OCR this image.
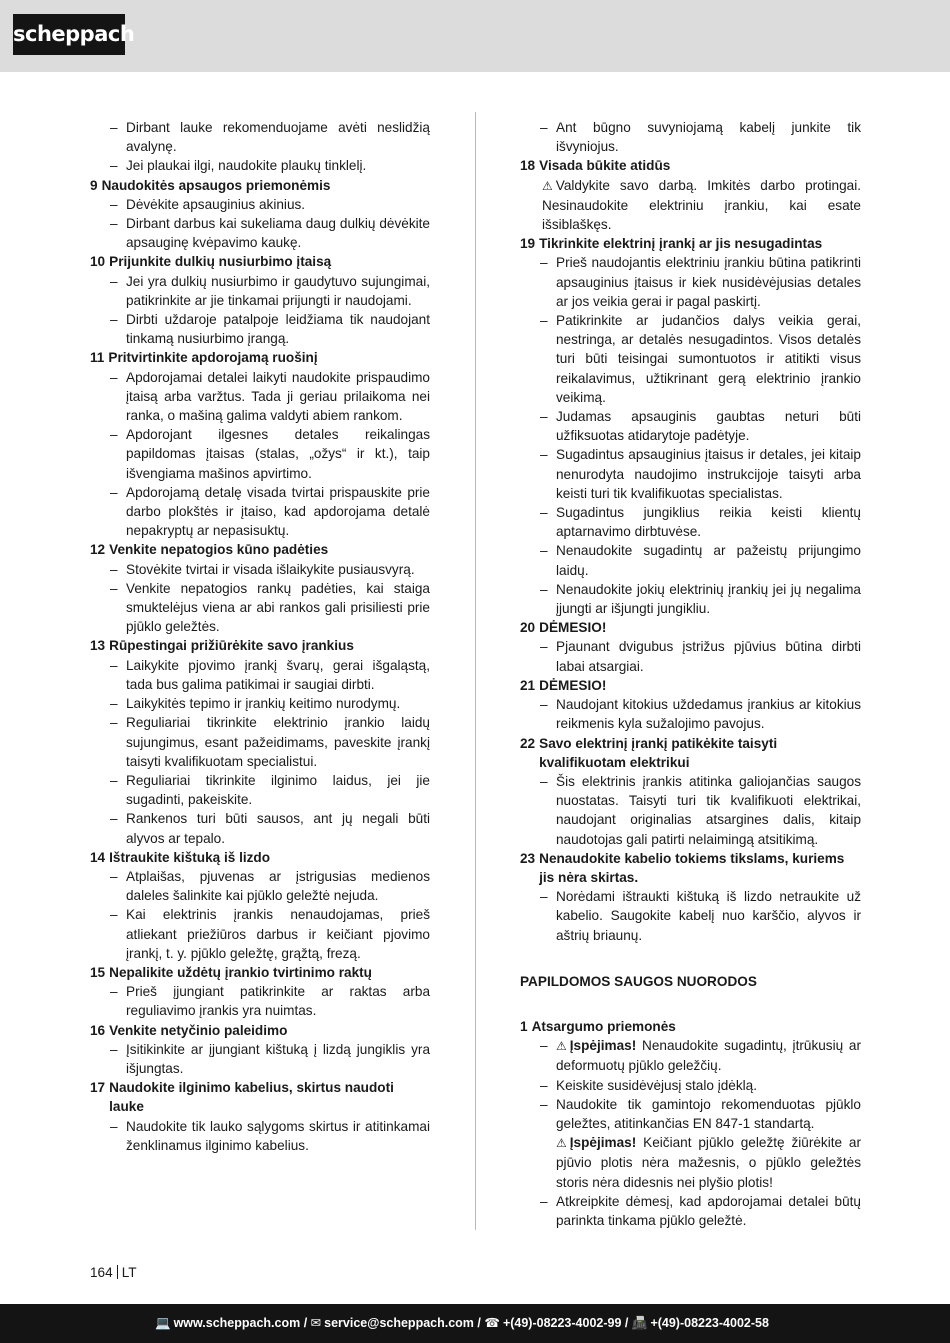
scheppach
– Dirbant lauke rekomenduojame avėti neslidžią avalynę.
– Jei plaukai ilgi, naudokite plaukų tinklelį.
9 Naudokitės apsaugos priemonėmis
– Dėvėkite apsauginius akinius.
– Dirbant darbus kai sukeliama daug dulkių dėvėkite apsauginę kvėpavimo kaukę.
10 Prijunkite dulkių nusiurbimo įtaisą
– Jei yra dulkių nusiurbimo ir gaudytuvo sujungimai, patikrinkite ar jie tinkamai prijungti ir naudojami.
– Dirbti uždaroje patalpoje leidžiama tik naudojant tinkamą nusiurbimo įrangą.
11 Pritvirtinkite apdorojamą ruošinį
– Apdorojamai detalei laikyti naudokite prispaudimo įtaisą arba varžtus. Tada ji geriau prilaikoma nei ranka, o mašiną galima valdyti abiem rankom.
– Apdorojant ilgesnes detales reikalingas papildomas įtaisas (stalas, „ožys“ ir kt.), taip išvengiama mašinos apvirtimo.
– Apdorojamą detalę visada tvirtai prispauskite prie darbo plokštės ir įtaiso, kad apdorojama detalė nepakryptų ar nepasisuktų.
12 Venkite nepatogios kūno padėties
– Stovėkite tvirtai ir visada išlaikykite pusiausvyrą.
– Venkite nepatogios rankų padėties, kai staiga smuktelėjus viena ar abi rankos gali prisiliesti prie pjūklo geležtės.
13 Rūpestingai prižiūrėkite savo įrankius
– Laikykite pjovimo įrankį švarų, gerai išgaląstą, tada bus galima patikimai ir saugiai dirbti.
– Laikykitės tepimo ir įrankių keitimo nurodymų.
– Reguliariai tikrinkite elektrinio įrankio laidų sujungimus, esant pažeidimams, paveskite įrankį taisyti kvalifikuotam specialistui.
– Reguliariai tikrinkite ilginimo laidus, jei jie sugadinti, pakeiskite.
– Rankenos turi būti sausos, ant jų negali būti alyvos ar tepalo.
14 Ištraukite kištuką iš lizdo
– Atplaišas, pjuvenas ar įstrigusias medienos daleles šalinkite kai pjūklo geležtė nejuda.
– Kai elektrinis įrankis nenaudojamas, prieš atliekant priežiūros darbus ir keičiant pjovimo įrankį, t. y. pjūklo geležtę, grąžtą, frezą.
15 Nepalikite uždėtų įrankio tvirtinimo raktų
– Prieš įjungiant patikrinkite ar raktas arba reguliavimo įrankis yra nuimtas.
16 Venkite netyčinio paleidimo
– Įsitikinkite ar įjungiant kištuką į lizdą jungiklis yra išjungtas.
17 Naudokite ilginimo kabelius, skirtus naudoti lauke
– Naudokite tik lauko sąlygoms skirtus ir atitinkamai ženklinamus ilginimo kabelius.
– Ant būgno suvyniojamą kabelį junkite tik išvyniojus.
18 Visada būkite atidūs
⚠ Valdykite savo darbą. Imkitės darbo protingai. Nesinaudokite elektriniu įrankiu, kai esate išsiblaškęs.
19 Tikrinkite elektrinį įrankį ar jis nesugadintas
– Prieš naudojantis elektriniu įrankiu būtina patikrinti apsauginius įtaisus ir kiek nusidėvėjusias detales ar jos veikia gerai ir pagal paskirtį.
– Patikrinkite ar judančios dalys veikia gerai, nestringa, ar detalės nesugadintos. Visos detalės turi būti teisingai sumontuotos ir atitikti visus reikalavimus, užtikrinant gerą elektrinio įrankio veikimą.
– Judamas apsauginis gaubtas neturi būti užfiksuotas atidarytoje padėtyje.
– Sugadintus apsauginius įtaisus ir detales, jei kitaip nenurodyta naudojimo instrukcijoje taisyti arba keisti turi tik kvalifikuotas specialistas.
– Sugadintus jungiklius reikia keisti klientų aptarnavimo dirbtuvėse.
– Nenaudokite sugadintų ar pažeistų prijungimo laidų.
– Nenaudokite jokių elektrinių įrankių jei jų negalima įjungti ar išjungti jungikliu.
20 DĖMESIO!
– Pjaunant dvigubus įstrižus pjūvius būtina dirbti labai atsargiai.
21 DĖMESIO!
– Naudojant kitokius uždedamus įrankius ar kitokius reikmenis kyla sužalojimo pavojus.
22 Savo elektrinį įrankį patikėkite taisyti kvalifikuotam elektrikui
– Šis elektrinis įrankis atitinka galiojančias saugos nuostatas. Taisyti turi tik kvalifikuoti elektrikai, naudojant originalias atsargines dalis, kitaip naudotojas gali patirti nelaimingą atsitikimą.
23 Nenaudokite kabelio tokiems tikslams, kuriems jis nėra skirtas.
– Norėdami ištraukti kištuką iš lizdo netraukite už kabelio. Saugokite kabelį nuo karščio, alyvos ir aštrių briaunų.
PAPILDOMOS SAUGOS NUORODOS
1 Atsargumo priemonės
– ⚠ Įspėjimas! Nenaudokite sugadintų, įtrūkusių ar deformuotų pjūklo geležčių.
– Keiskite susidėvėjusį stalo įdėklą.
– Naudokite tik gamintojo rekomenduotas pjūklo geležtes, atitinkančias EN 847-1 standartą.
⚠ Įspėjimas! Keičiant pjūklo geležtę žiūrėkite ar pjūvio plotis nėra mažesnis, o pjūklo geležtės storis nėra didesnis nei plyšio plotis!
– Atkreipkite dėmesį, kad apdorojamai detalei būtų parinkta tinkama pjūklo geležtė.
164 LT
💻 www.scheppach.com / ✉ service@scheppach.com / ☎ +(49)-08223-4002-99 / 📠 +(49)-08223-4002-58
